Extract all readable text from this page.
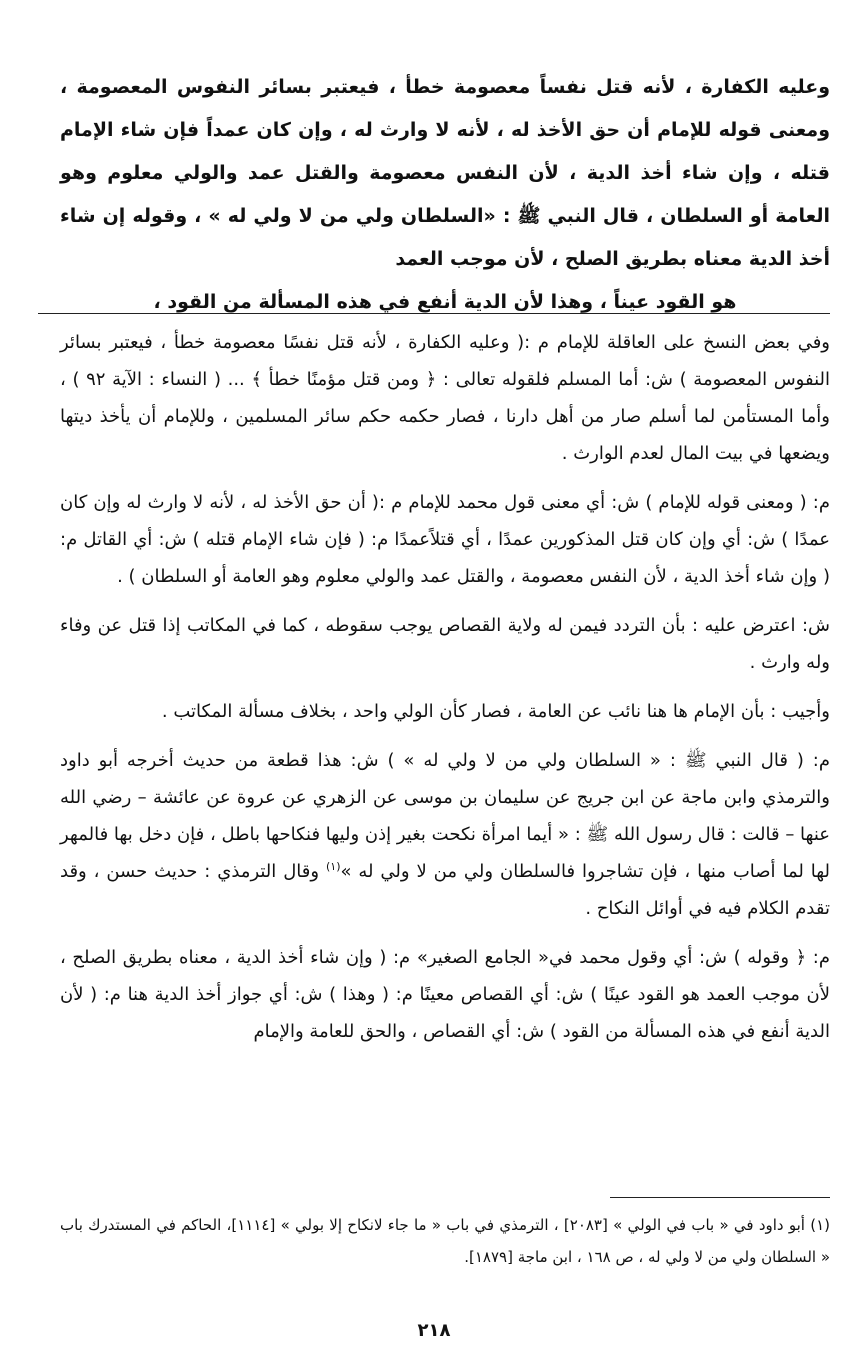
وعليه الكفارة ، لأنه قتل نفساً معصومة خطأ ، فيعتبر بسائر النفوس المعصومة ، ومعنى قوله للإمام أن حق الأخذ له ، لأنه لا وارث له ، وإن كان عمداً فإن شاء الإمام قتله ، وإن شاء أخذ الدية ، لأن النفس معصومة والقتل عمد والولي معلوم وهو العامة أو السلطان ، قال النبي ﷺ : «السلطان ولي من لا ولي له » ، وقوله إن شاء أخذ الدية معناه بطريق الصلح ، لأن موجب العمد
هو القود عيناً ، وهذا لأن الدية أنفع في هذه المسألة من القود ،

وفي بعض النسخ على العاقلة للإمام م :( وعليه الكفارة ، لأنه قتل نفسًا معصومة خطأ ، فيعتبر بسائر النفوس المعصومة ) ش: أما المسلم فلقوله تعالى : ﴿ ومن قتل مؤمنًا خطأ ﴾ ... ( النساء : الآية ٩٢ ) ، وأما المستأمن لما أسلم صار من أهل دارنا ، فصار حكمه حكم سائر المسلمين ، وللإمام أن يأخذ ديتها ويضعها في بيت المال لعدم الوارث .

م: ( ومعنى قوله للإمام ) ش: أي معنى قول محمد للإمام م :( أن حق الأخذ له ، لأنه لا وارث له وإن كان عمدًا ) ش: أي وإن كان قتل المذكورين عمدًا ، أي قتلاًعمدًا م: ( فإن شاء الإمام قتله ) ش: أي القاتل م: ( وإن شاء أخذ الدية ، لأن النفس معصومة ، والقتل عمد والولي معلوم وهو العامة أو السلطان ) .

ش: اعترض عليه : بأن التردد فيمن له ولاية القصاص يوجب سقوطه ، كما في المكاتب إذا قتل عن وفاء وله وارث .

وأجيب : بأن الإمام ها هنا نائب عن العامة ، فصار كأن الولي واحد ، بخلاف مسألة المكاتب .

م: ( قال النبي ﷺ : « السلطان ولي من لا ولي له » ) ش: هذا قطعة من حديث أخرجه أبو داود والترمذي وابن ماجة عن ابن جريج عن سليمان بن موسى عن الزهري عن عروة عن عائشة – رضي الله عنها – قالت : قال رسول الله ﷺ : « أيما امرأة نكحت بغير إذن وليها فنكاحها باطل ، فإن دخل بها فالمهر لها لما أصاب منها ، فإن تشاجروا فالسلطان ولي من لا ولي له »$^{(١)}$ وقال الترمذي : حديث حسن ، وقد تقدم الكلام فيه في أوائل النكاح .

م: ﴿ وقوله ) ش: أي وقول محمد في« الجامع الصغير» م: ( وإن شاء أخذ الدية ، معناه بطريق الصلح ، لأن موجب العمد هو القود عينًا ) ش: أي القصاص معينًا م: ( وهذا ) ش: أي جواز أخذ الدية هنا م: ( لأن الدية أنفع في هذه المسألة من القود ) ش: أي القصاص ، والحق للعامة والإمام

(١) أبو داود في « باب في الولي » [٢٠٨٣] ، الترمذي في باب « ما جاء لانكاح إلا بولي » [١١١٤]، الحاكم في المستدرك باب « السلطان ولي من لا ولي له ، ص ١٦٨ ، ابن ماجة [١٨٧٩].

٢١٨
